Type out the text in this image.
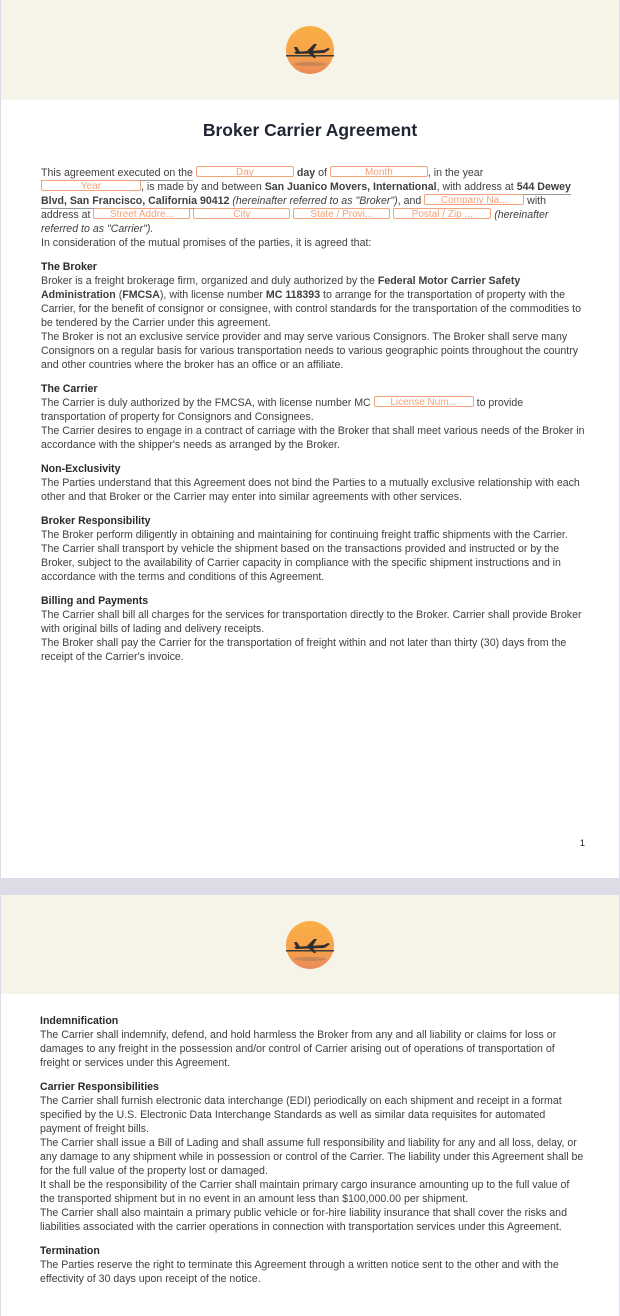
Broker Carrier Agreement

This agreement executed on the	Day	day of	Month	, in the year Year	, is made by and between San Juanico Movers, International, with address at 544 Dewey Blvd, San Francisco, California 90412 (hereinafter referred to as "Broker"), and Company Na... with address at Street Addre...	City	State / Provi...	Postal / Zip ... (hereinafter referred to as "Carrier").

In consideration of the mutual promises of the parties, it is agreed that:

The Broker

Broker is a freight brokerage firm, organized and duly authorized by the Federal Motor Carrier Safety Administration (FMCSA), with license number MC 118393 to arrange for the transportation of property with the Carrier, for the benefit of consignor or consignee, with control standards for the transportation of the commodities to be tendered by the Carrier under this agreement.

The Broker is not an exclusive service provider and may serve various Consignors. The Broker shall serve many Consignors on a regular basis for various transportation needs to various geographic points throughout the country and other countries where the broker has an office or an affiliate.

The Carrier

The Carrier is duly authorized by the FMCSA, with license number MC License Num... to provide transportation of property for Consignors and Consignees.

The Carrier desires to engage in a contract of carriage with the Broker that shall meet various needs of the Broker in accordance with the shipper's needs as arranged by the Broker.

Non-Exclusivity

The Parties understand that this Agreement does not bind the Parties to a mutually exclusive relationship with each other and that Broker or the Carrier may enter into similar agreements with other services.

Broker Responsibility

The Broker perform diligently in obtaining and maintaining for continuing freight traffic shipments with the Carrier. The Carrier shall transport by vehicle the shipment based on the transactions provided and instructed or by the Broker, subject to the availability of Carrier capacity in compliance with the specific shipment instructions and in accordance with the terms and conditions of this Agreement.

Billing and Payments

The Carrier shall bill all charges for the services for transportation directly to the Broker. Carrier shall provide Broker with original bills of lading and delivery receipts.

The Broker shall pay the Carrier for the transportation of freight within and not later than thirty (30) days from the receipt of the Carrier's invoice.

1

Indemnification

The Carrier shall indemnify, defend, and hold harmless the Broker from any and all liability or claims for loss or damages to any freight in the possession and/or control of Carrier arising out of operations of transportation of freight or services under this Agreement.

Carrier Responsibilities

The Carrier shall furnish electronic data interchange (EDI) periodically on each shipment and receipt in a format specified by the U.S. Electronic Data Interchange Standards as well as similar data requisites for automated payment of freight bills.

The Carrier shall issue a Bill of Lading and shall assume full responsibility and liability for any and all loss, delay, or any damage to any shipment while in possession or control of the Carrier. The liability under this Agreement shall be for the full value of the property lost or damaged.

It shall be the responsibility of the Carrier shall maintain primary cargo insurance amounting up to the full value of the transported shipment but in no event in an amount less than $100,000.00 per shipment.

The Carrier shall also maintain a primary public vehicle or for-hire liability insurance that shall cover the risks and liabilities associated with the carrier operations in connection with transportation services under this Agreement.

Termination

The Parties reserve the right to terminate this Agreement through a written notice sent to the other and with the effectivity of 30 days upon receipt of the notice.
